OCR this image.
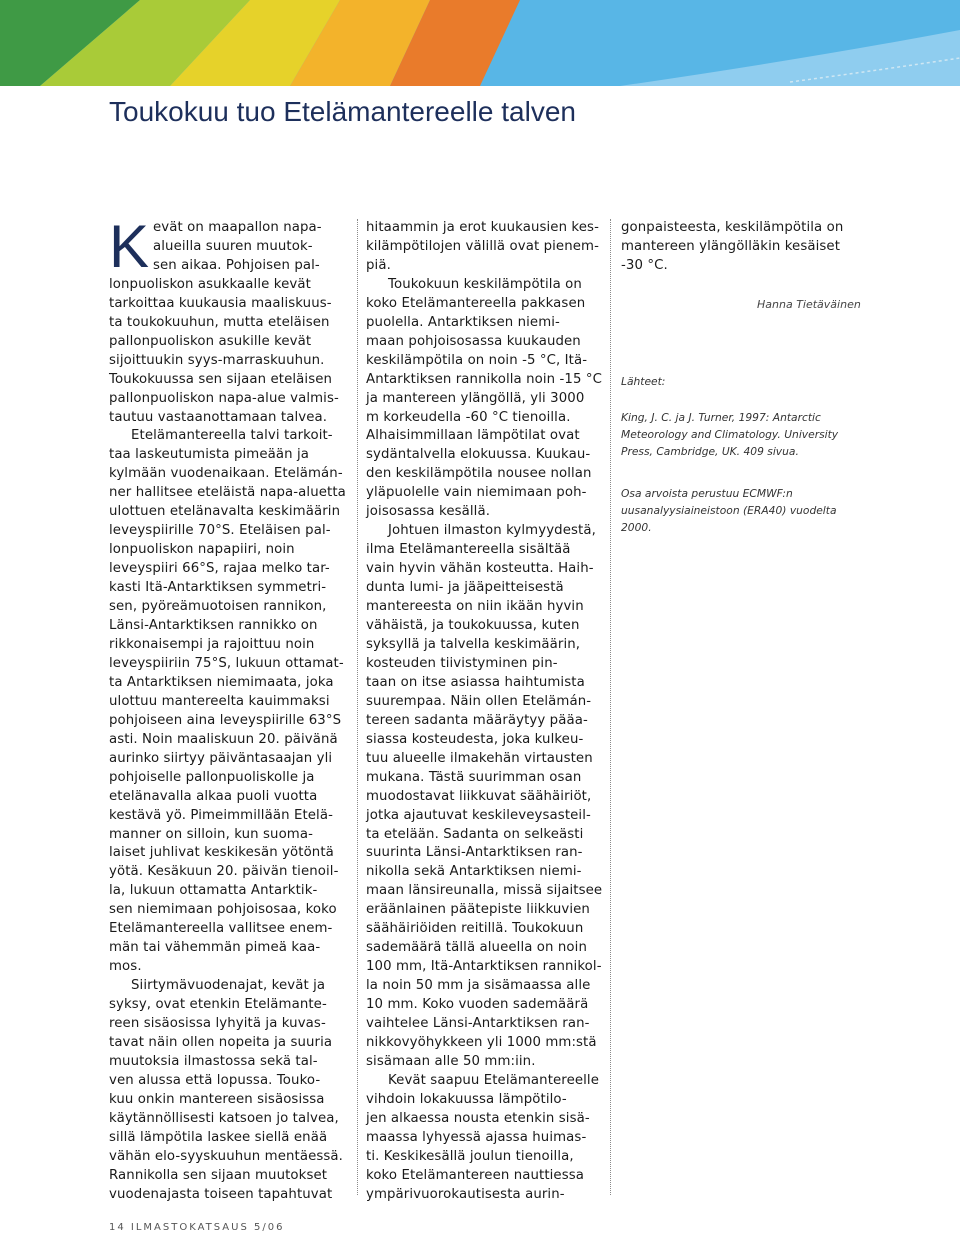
Toukokuu tuo Etelämantereelle talven
K evät on maapallon napa-
alueilla suuren muutok-
sen aikaa. Pohjoisen pal-
lonpuoliskon asukkaalle kevät
tarkoittaa kuukausia maaliskuus-
ta toukokuuhun, mutta eteläisen
pallonpuoliskon asukille kevät
sijoittuukin syys-marraskuuhun.
Toukokuussa sen sijaan eteläisen
pallonpuoliskon napa-alue valmis-
tautuu vastaanottamaan talvea.
Etelämantereella talvi tarkoit-
taa laskeutumista pimeään ja
kylmään vuodenaikaan. Etelämán-
ner hallitsee eteläistä napa-aluetta
ulottuen etelänavalta keskimäärin
leveyspiirille 70°S. Eteläisen pal-
lonpuoliskon napapiiri, noin
leveyspiiri 66°S, rajaa melko tar-
kasti Itä-Antarktiksen symmetri-
sen, pyöreämuotoisen rannikon,
Länsi-Antarktiksen rannikko on
rikkonaisempi ja rajoittuu noin
leveyspiiriin 75°S, lukuun ottamat-
ta Antarktiksen niemimaata, joka
ulottuu mantereelta kauimmaksi
pohjoiseen aina leveyspiirille 63°S
asti. Noin maaliskuun 20. päivänä
aurinko siirtyy päiväntasaajan yli
pohjoiselle pallonpuoliskolle ja
etelänavalla alkaa puoli vuotta
kestävä yö. Pimeimmillään Etelä-
manner on silloin, kun suoma-
laiset juhlivat keskikesän yötöntä
yötä. Kesäkuun 20. päivän tienoil-
la, lukuun ottamatta Antarktik-
sen niemimaan pohjoisosaa, koko
Etelämantereella vallitsee enem-
män tai vähemmän pimeä kaa-
mos.
Siirtymävuodenajat, kevät ja
syksy, ovat etenkin Etelämante-
reen sisäosissa lyhyitä ja kuvas-
tavat näin ollen nopeita ja suuria
muutoksia ilmastossa sekä tal-
ven alussa että lopussa. Touko-
kuu onkin mantereen sisäosissa
käytännöllisesti katsoen jo talvea,
sillä lämpötila laskee siellä enää
vähän elo-syyskuuhun mentäessä.
Rannikolla sen sijaan muutokset
vuodenajasta toiseen tapahtuvat
hitaammin ja erot kuukausien kes-
kilämpötilojen välillä ovat pienem-
piä.
Toukokuun keskilämpötila on
koko Etelämantereella pakkasen
puolella. Antarktiksen niemi-
maan pohjoisosassa kuukauden
keskilämpötila on noin -5 °C, Itä-
Antarktiksen rannikolla noin -15 °C
ja mantereen ylängöllä, yli 3000
m korkeudella -60 °C tienoilla.
Alhaisimmillaan lämpötilat ovat
sydäntalvella elokuussa. Kuukau-
den keskilämpötila nousee nollan
yläpuolelle vain niemimaan poh-
joisosassa kesällä.
Johtuen ilmaston kylmyydestä,
ilma Etelämantereella sisältää
vain hyvin vähän kosteutta. Haih-
dunta lumi- ja jääpeitteisestä
mantereesta on niin ikään hyvin
vähäistä, ja toukokuussa, kuten
syksyllä ja talvella keskimäärin,
kosteuden tiivistyminen pin-
taan on itse asiassa haihtumista
suurempaa. Näin ollen Etelämán-
tereen sadanta määräytyy pääa-
siassa kosteudesta, joka kulkeu-
tuu alueelle ilmakehän virtausten
mukana. Tästä suurimman osan
muodostavat liikkuvat säähäiriöt,
jotka ajautuvat keskileveysasteil-
ta etelään. Sadanta on selkeästi
suurinta Länsi-Antarktiksen ran-
nikolla sekä Antarktiksen niemi-
maan länsireunalla, missä sijaitsee
eräänlainen päätepiste liikkuvien
säähäiriöiden reitillä. Toukokuun
sademäärä tällä alueella on noin
100 mm, Itä-Antarktiksen rannikol-
la noin 50 mm ja sisämaassa alle
10 mm. Koko vuoden sademäärä
vaihtelee Länsi-Antarktiksen ran-
nikkovyöhykkeen yli 1000 mm:stä
sisämaan alle 50 mm:iin.
Kevät saapuu Etelämantereelle
vihdoin lokakuussa lämpötilo-
jen alkaessa nousta etenkin sisä-
maassa lyhyessä ajassa huimas-
ti. Keskikesällä joulun tienoilla,
koko Etelämantereen nauttiessa
ympärivuorokautisesta aurin-
gonpaisteesta, keskilämpötila on
mantereen ylängölläkin kesäiset
-30 °C.
Hanna Tietäväinen
Lähteet:
King, J. C. ja J. Turner, 1997: Antarctic
Meteorology and Climatology. University
Press, Cambridge, UK. 409 sivua.
Osa arvoista perustuu ECMWF:n
uusanalyysiaineistoon (ERA40) vuodelta
2000.
14 ILMASTOKATSAUS 5/06
